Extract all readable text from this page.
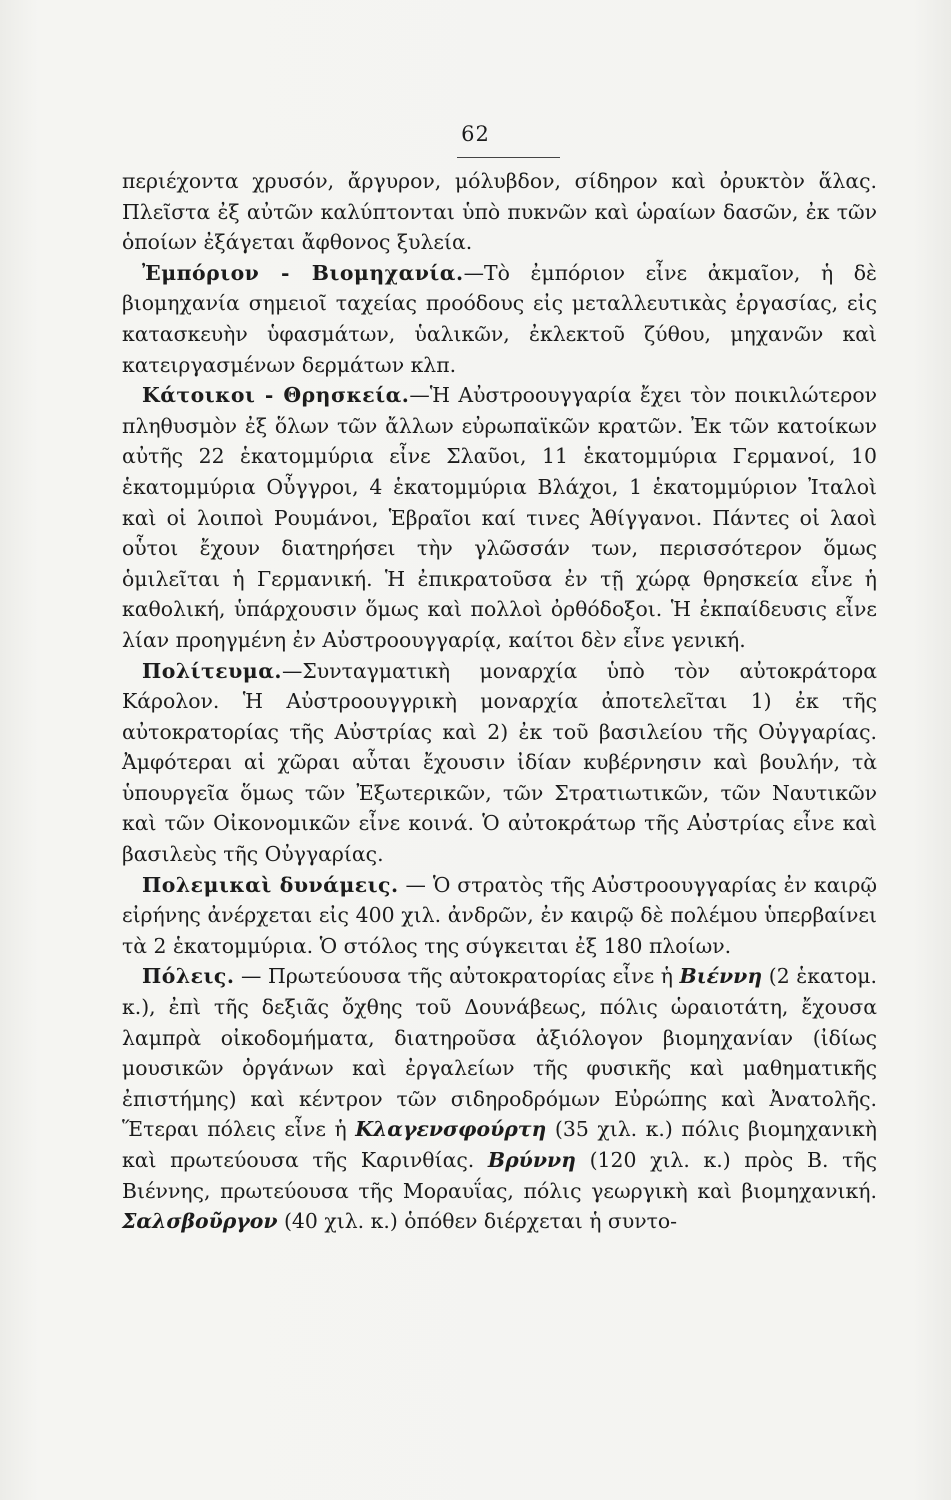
62

περιέχοντα χρυσόν, ἄργυρον, μόλυβδον, σίδηρον καὶ ὀρυκτὸν ἅλας. Πλεῖστα ἐξ αὐτῶν καλύπτονται ὑπὸ πυκνῶν καὶ ὡραίων δασῶν, ἐκ τῶν ὁποίων ἐξάγεται ἄφθονος ξυλεία.

Ἐμπόριον - Βιομηχανία.—Τὸ ἐμπόριον εἶνε ἀκμαῖον, ἡ δὲ βιομηχανία σημειοῖ ταχείας προόδους εἰς μεταλλευτικὰς ἐργασίας, εἰς κατασκευὴν ὑφασμάτων, ὑαλικῶν, ἐκλεκτοῦ ζύθου, μηχανῶν καὶ κατειργασμένων δερμάτων κλπ.

Κάτοικοι - Θρησκεία.—Ἡ Αὐστροουγγαρία ἔχει τὸν ποικιλώτερον πληθυσμὸν ἐξ ὅλων τῶν ἄλλων εὐρωπαϊκῶν κρατῶν. Ἐκ τῶν κατοίκων αὐτῆς 22 ἑκατομμύρια εἶνε Σλαῦοι, 11 ἑκατομμύρια Γερμανοί, 10 ἑκατομμύρια Οὖγγροι, 4 ἑκατομμύρια Βλάχοι, 1 ἑκατομμύριον Ἰταλοὶ καὶ οἱ λοιποὶ Ρουμάνοι, Ἑβραῖοι καί τινες Ἀθίγγανοι. Πάντες οἱ λαοὶ οὗτοι ἔχουν διατηρήσει τὴν γλῶσσάν των, περισσότερον ὅμως ὁμιλεῖται ἡ Γερμανική. Ἡ ἐπικρατοῦσα ἐν τῇ χώρᾳ θρησκεία εἶνε ἡ καθολική, ὑπάρχουσιν ὅμως καὶ πολλοὶ ὀρθόδοξοι. Ἡ ἐκπαίδευσις εἶνε λίαν προηγμένη ἐν Αὐστροουγγαρίᾳ, καίτοι δὲν εἶνε γενική.

Πολίτευμα.—Συνταγματικὴ μοναρχία ὑπὸ τὸν αὐτοκράτορα Κάρολον. Ἡ Αὐστροουγγρικὴ μοναρχία ἀποτελεῖται 1) ἐκ τῆς αὐτοκρατορίας τῆς Αὐστρίας καὶ 2) ἐκ τοῦ βασιλείου τῆς Οὐγγαρίας. Ἀμφότεραι αἱ χῶραι αὗται ἔχουσιν ἰδίαν κυβέρνησιν καὶ βουλήν, τὰ ὑπουργεῖα ὅμως τῶν Ἐξωτερικῶν, τῶν Στρατιωτικῶν, τῶν Ναυτικῶν καὶ τῶν Οἰκονομικῶν εἶνε κοινά. Ὁ αὐτοκράτωρ τῆς Αὐστρίας εἶνε καὶ βασιλεὺς τῆς Οὐγγαρίας.

Πολεμικαὶ δυνάμεις. — Ὁ στρατὸς τῆς Αὐστροουγγαρίας ἐν καιρῷ εἰρήνης ἀνέρχεται εἰς 400 χιλ. ἀνδρῶν, ἐν καιρῷ δὲ πολέμου ὑπερβαίνει τὰ 2 ἑκατομμύρια. Ὁ στόλος της σύγκειται ἐξ 180 πλοίων.

Πόλεις. — Πρωτεύουσα τῆς αὐτοκρατορίας εἶνε ἡ Βιέννη (2 ἑκατομ. κ.), ἐπὶ τῆς δεξιᾶς ὄχθης τοῦ Δουνάβεως, πόλις ὡραιοτάτη, ἔχουσα λαμπρὰ οἰκοδομήματα, διατηροῦσα ἀξιόλογον βιομηχανίαν (ἰδίως μουσικῶν ὀργάνων καὶ ἐργαλείων τῆς φυσικῆς καὶ μαθηματικῆς ἐπιστήμης) καὶ κέντρον τῶν σιδηροδρόμων Εὐρώπης καὶ Ἀνατολῆς. Ἕτεραι πόλεις εἶνε ἡ Κλαγενσφούρτη (35 χιλ. κ.) πόλις βιομηχανικὴ καὶ πρωτεύουσα τῆς Καρινθίας. Βρύννη (120 χιλ. κ.) πρὸς Β. τῆς Βιέννης, πρωτεύουσα τῆς Μοραυΐας, πόλις γεωργικὴ καὶ βιομηχανική. Σαλσβοῦργον (40 χιλ. κ.) ὁπόθεν διέρχεται ἡ συντο-
